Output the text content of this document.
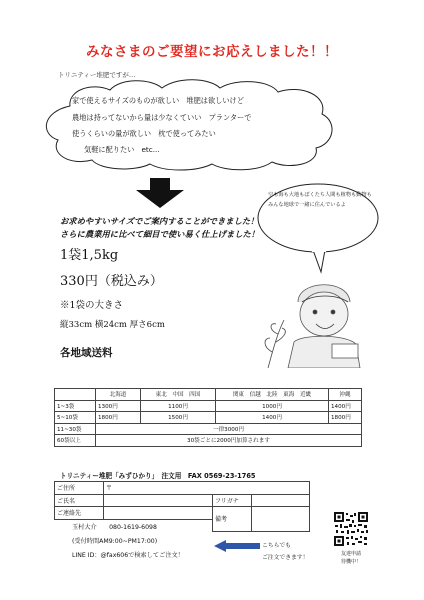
みなさまのご要望にお応えしました！！
トリニティー堆肥ですが…
家で使えるサイズのものが欲しい　堆肥は欲しいけど
農地は持ってないから量は少なくていい　プランターで
使うくらいの量が欲しい　枕で使ってみたい
気軽に配りたい　etc...
空も海も大地もぼくたち人間も植物も動物もみんな地球で一緒に住んでいるよ
お求めやすいサイズでご案内することができました！
さらに農業用に比べて細目で使い易く仕上げました！
1袋1,5kg
330円（税込み）
※1袋の大きさ
縦33cm 横24cm 厚さ6cm
各地域送料
	北海道	東北　中国　四国	関東　信越　北陸　東海　近畿	沖縄
1~3袋	1300円	1100円	1000円	1400円
5~10袋	1800円	1500円	1400円	1800円
11~30袋	一律3000円			
60袋以上	30袋ごとに2000円加算されます			
トリニティー堆肥「みずひかり」　注文用　FAX 0569-23-1765
ご住所	〒		
ご氏名		フリガナ	
ご連絡先		備考	

玉村大介　　080-1619-6098
(受付時間AM9:00~PM17:00)
LINE ID：@fax606で検索してご注文！
こちらでも
ご注文できます！
友達申請
待機中！
